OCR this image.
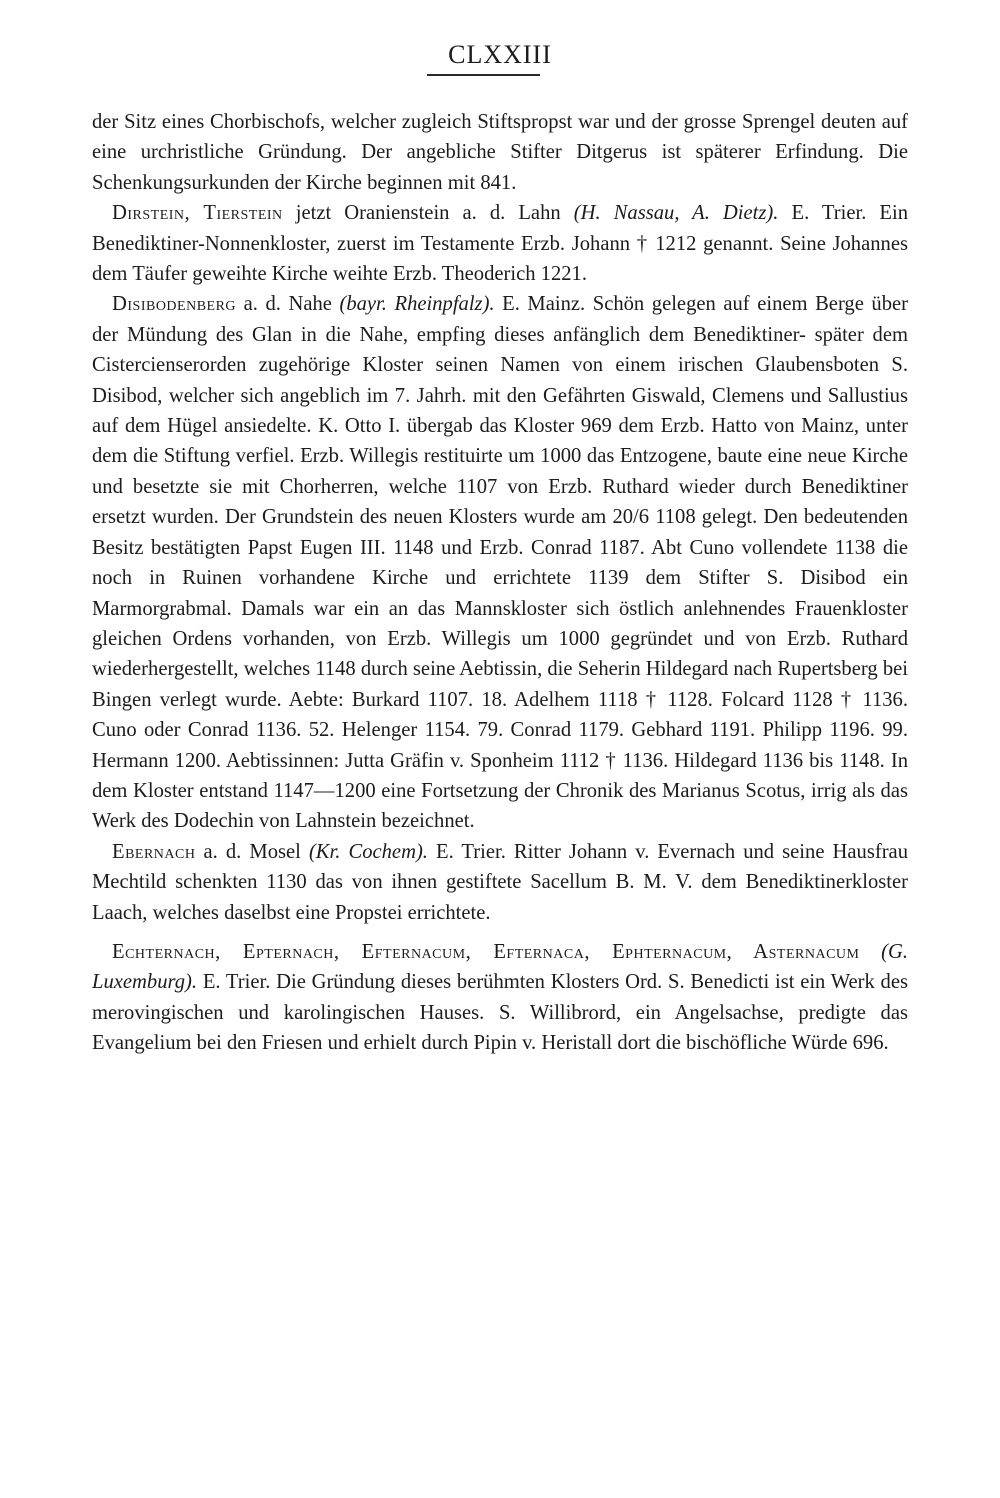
CLXXIII

der Sitz eines Chorbischofs, welcher zugleich Stiftspropst war und der grosse Sprengel deuten auf eine urchristliche Gründung. Der angebliche Stifter Ditgerus ist späterer Erfindung. Die Schenkungsurkunden der Kirche beginnen mit 841.

Dirstein, Tierstein jetzt Oranienstein a. d. Lahn (H. Nassau, A. Dietz). E. Trier. Ein Benediktiner-Nonnenkloster, zuerst im Testamente Erzb. Johann † 1212 genannt. Seine Johannes dem Täufer geweihte Kirche weihte Erzb. Theoderich 1221.

Disibodenberg a. d. Nahe (bayr. Rheinpfalz). E. Mainz. Schön gelegen auf einem Berge über der Mündung des Glan in die Nahe, empfing dieses anfänglich dem Benediktiner- später dem Cistercienserorden zugehörige Kloster seinen Namen von einem irischen Glaubensboten S. Disibod, welcher sich angeblich im 7. Jahrh. mit den Gefährten Giswald, Clemens und Sallustius auf dem Hügel ansiedelte. K. Otto I. übergab das Kloster 969 dem Erzb. Hatto von Mainz, unter dem die Stiftung verfiel. Erzb. Willegis restituirte um 1000 das Entzogene, baute eine neue Kirche und besetzte sie mit Chorherren, welche 1107 von Erzb. Ruthard wieder durch Benediktiner ersetzt wurden. Der Grundstein des neuen Klosters wurde am 20/6 1108 gelegt. Den bedeutenden Besitz bestätigten Papst Eugen III. 1148 und Erzb. Conrad 1187. Abt Cuno vollendete 1138 die noch in Ruinen vorhandene Kirche und errichtete 1139 dem Stifter S. Disibod ein Marmorgrabmal. Damals war ein an das Mannskloster sich östlich anlehnendes Frauenkloster gleichen Ordens vorhanden, von Erzb. Willegis um 1000 gegründet und von Erzb. Ruthard wiederhergestellt, welches 1148 durch seine Aebtissin, die Seherin Hildegard nach Rupertsberg bei Bingen verlegt wurde. Aebte: Burkard 1107. 18. Adelhem 1118 † 1128. Folcard 1128 † 1136. Cuno oder Conrad 1136. 52. Helenger 1154. 79. Conrad 1179. Gebhard 1191. Philipp 1196. 99. Hermann 1200. Aebtissinnen: Jutta Gräfin v. Sponheim 1112 † 1136. Hildegard 1136 bis 1148. In dem Kloster entstand 1147—1200 eine Fortsetzung der Chronik des Marianus Scotus, irrig als das Werk des Dodechin von Lahnstein bezeichnet.

Ebernach a. d. Mosel (Kr. Cochem). E. Trier. Ritter Johann v. Evernach und seine Hausfrau Mechtild schenkten 1130 das von ihnen gestiftete Sacellum B. M. V. dem Benediktinerkloster Laach, welches daselbst eine Propstei errichtete.

Echternach, Epternach, Efternacum, Efternaca, Ephternacum, Asternacum (G. Luxemburg). E. Trier. Die Gründung dieses berühmten Klosters Ord. S. Benedicti ist ein Werk des merovingischen und karolingischen Hauses. S. Willibrord, ein Angelsachse, predigte das Evangelium bei den Friesen und erhielt durch Pipin v. Heristall dort die bischöfliche Würde 696.
